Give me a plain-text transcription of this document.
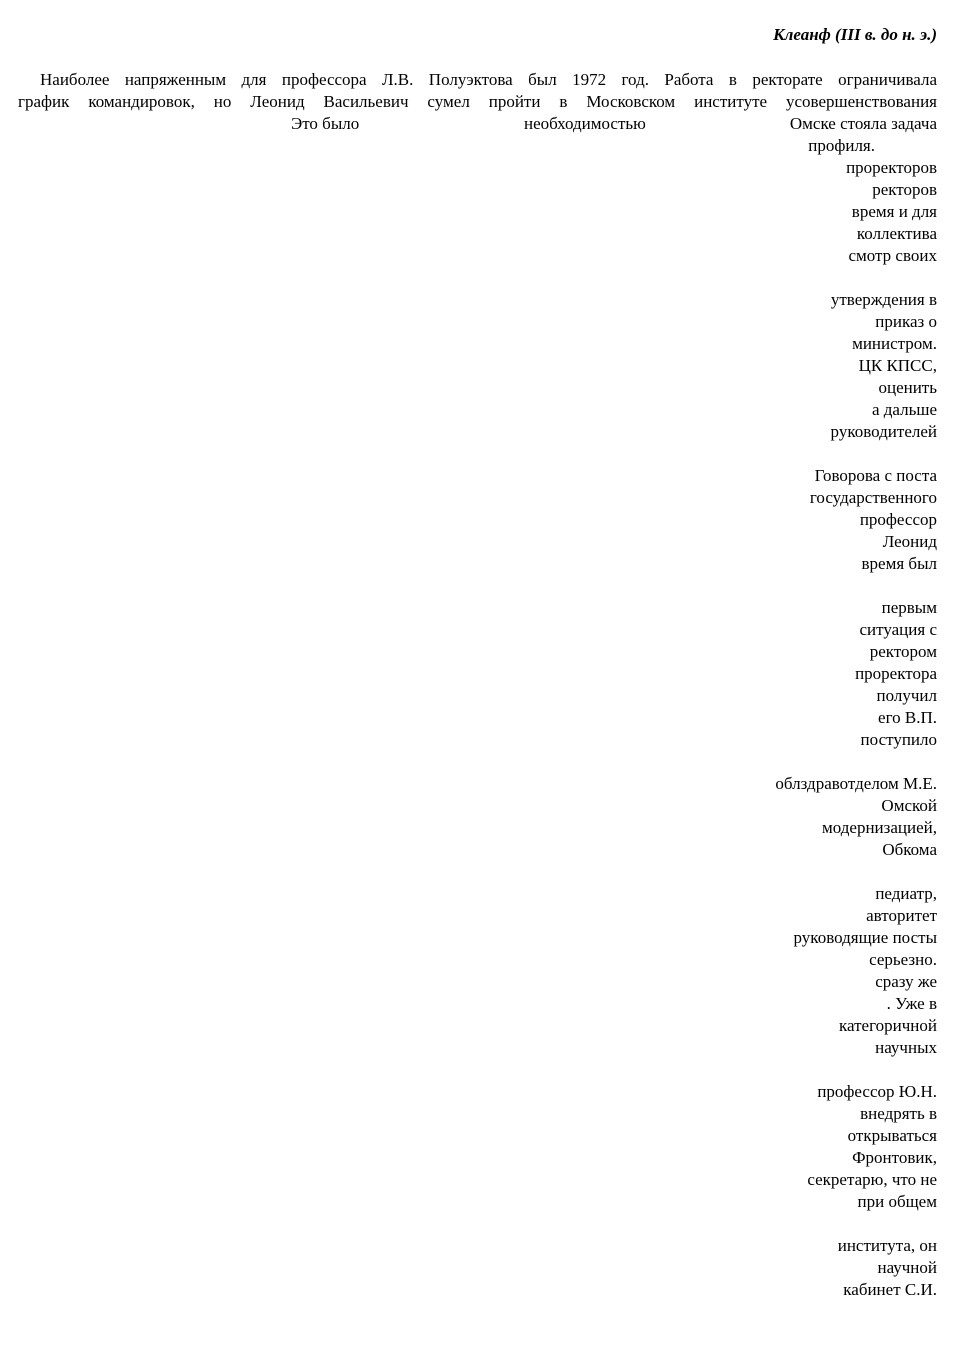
Клеанф (III в. до н. э.)
Наиболее напряженным для профессора Л.В. Полуэктова был 1972 год. Работа в ректорате ограничивала
график командировок, но Леонид Васильевич сумел пройти в Московском институте усовершенствования
Это было	необходимостью	Омске стояла задача
профиля.
проректоров
ректоров
время и для
коллектива
смотр своих
утверждения в
приказ о
министром.
ЦК КПСС,
оценить
а дальше
руководителей
Говорова с поста
государственного
профессор
Леонид
время был
первым
ситуация с
ректором
проректора
получил
его В.П.
поступило
облздравотделом М.Е.
Омской
модернизацией,
Обкома
педиатр,
авторитет
руководящие посты
серьезно.
сразу же
. Уже в
категоричной
научных
профессор Ю.Н.
внедрять в
открываться
Фронтовик,
секретарю, что не
при общем
института, он
научной
кабинет С.И.
